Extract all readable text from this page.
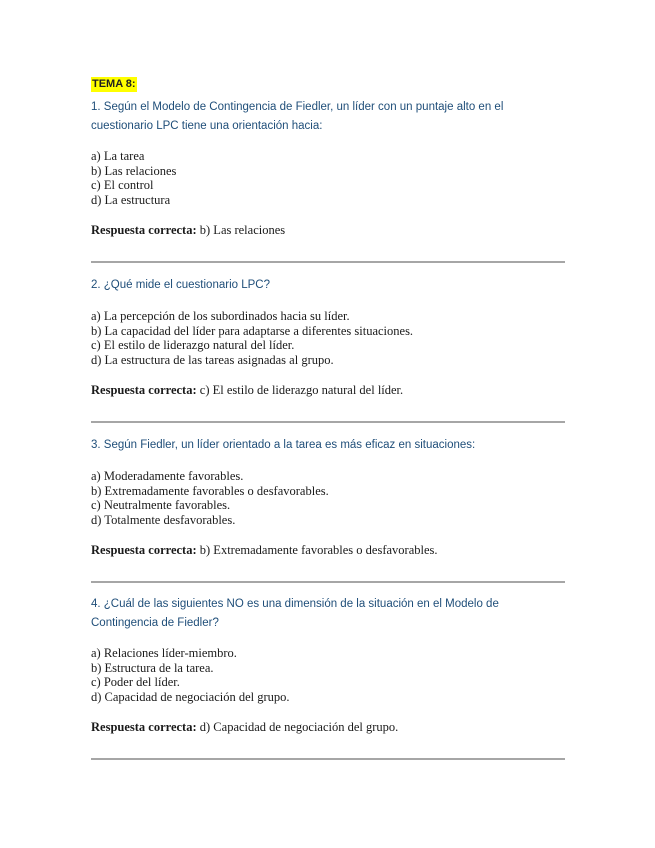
TEMA 8:

1. Según el Modelo de Contingencia de Fiedler, un líder con un puntaje alto en el cuestionario LPC tiene una orientación hacia:

a) La tarea
b) Las relaciones
c) El control
d) La estructura

Respuesta correcta: b) Las relaciones

2. ¿Qué mide el cuestionario LPC?

a) La percepción de los subordinados hacia su líder.
b) La capacidad del líder para adaptarse a diferentes situaciones.
c) El estilo de liderazgo natural del líder.
d) La estructura de las tareas asignadas al grupo.

Respuesta correcta: c) El estilo de liderazgo natural del líder.

3. Según Fiedler, un líder orientado a la tarea es más eficaz en situaciones:

a) Moderadamente favorables.
b) Extremadamente favorables o desfavorables.
c) Neutralmente favorables.
d) Totalmente desfavorables.

Respuesta correcta: b) Extremadamente favorables o desfavorables.

4. ¿Cuál de las siguientes NO es una dimensión de la situación en el Modelo de Contingencia de Fiedler?

a) Relaciones líder-miembro.
b) Estructura de la tarea.
c) Poder del líder.
d) Capacidad de negociación del grupo.

Respuesta correcta: d) Capacidad de negociación del grupo.
